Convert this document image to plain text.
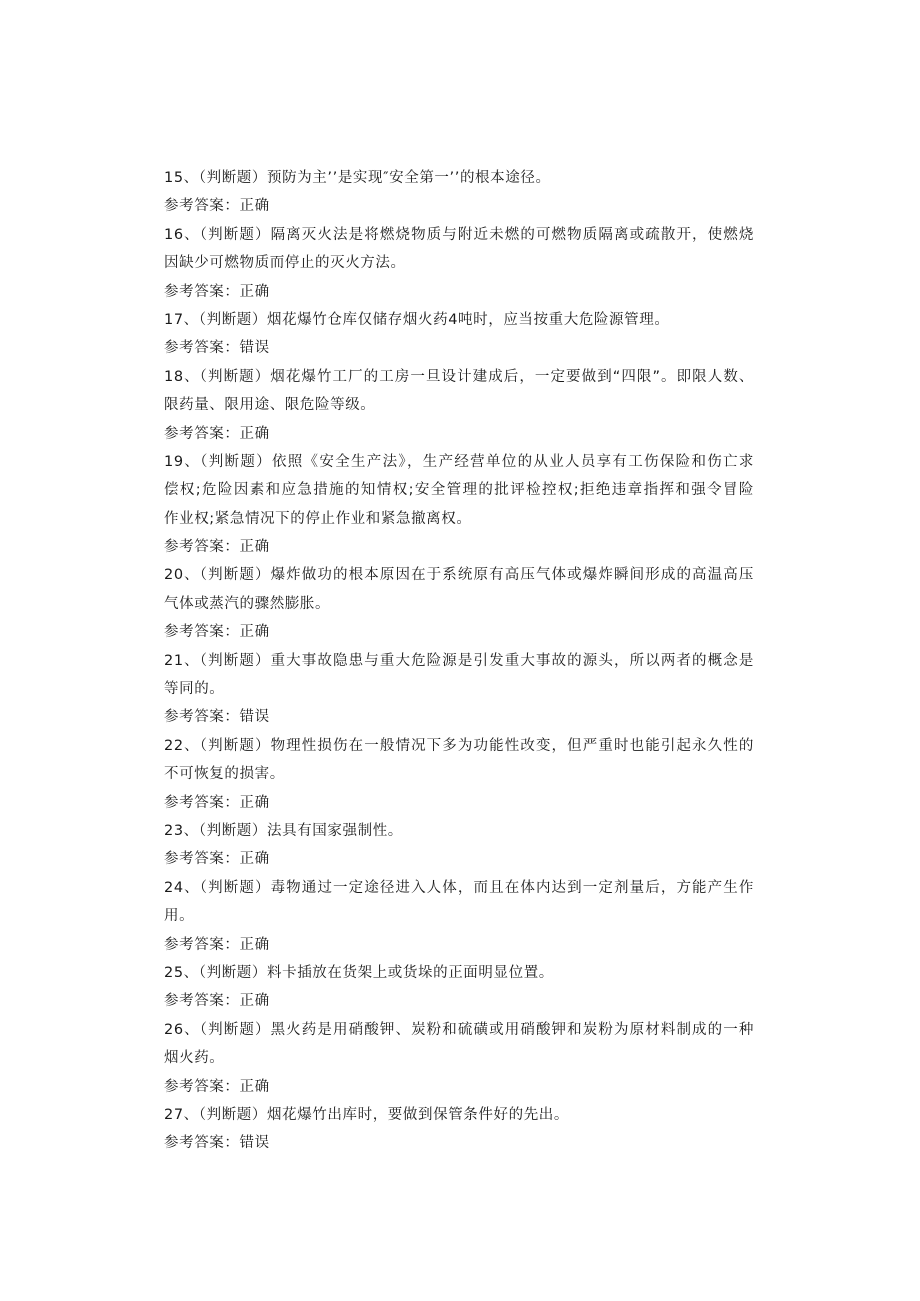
15、（判断题）预防为主’’是实现″安全第一’’的根本途径。
参考答案：正确
16、（判断题）隔离灭火法是将燃烧物质与附近未燃的可燃物质隔离或疏散开，使燃烧
因缺少可燃物质而停止的灭火方法。
参考答案：正确
17、（判断题）烟花爆竹仓库仅储存烟火药4吨时，应当按重大危险源管理。
参考答案：错误
18、（判断题）烟花爆竹工厂的工房一旦设计建成后，一定要做到“四限”。即限人数、
限药量、限用途、限危险等级。
参考答案：正确
19、（判断题）依照《安全生产法》，生产经营单位的从业人员享有工伤保险和伤亡求
偿权;危险因素和应急措施的知情权;安全管理的批评检控权;拒绝违章指挥和强令冒险
作业权;紧急情况下的停止作业和紧急撤离权。
参考答案：正确
20、（判断题）爆炸做功的根本原因在于系统原有高压气体或爆炸瞬间形成的高温高压
气体或蒸汽的骤然膨胀。
参考答案：正确
21、（判断题）重大事故隐患与重大危险源是引发重大事故的源头，所以两者的概念是
等同的。
参考答案：错误
22、（判断题）物理性损伤在一般情况下多为功能性改变，但严重时也能引起永久性的
不可恢复的损害。
参考答案：正确
23、（判断题）法具有国家强制性。
参考答案：正确
24、（判断题）毒物通过一定途径进入人体，而且在体内达到一定剂量后，方能产生作
用。
参考答案：正确
25、（判断题）料卡插放在货架上或货垛的正面明显位置。
参考答案：正确
26、（判断题）黑火药是用硝酸钾、炭粉和硫磺或用硝酸钾和炭粉为原材料制成的一种
烟火药。
参考答案：正确
27、（判断题）烟花爆竹出库时，要做到保管条件好的先出。
参考答案：错误
